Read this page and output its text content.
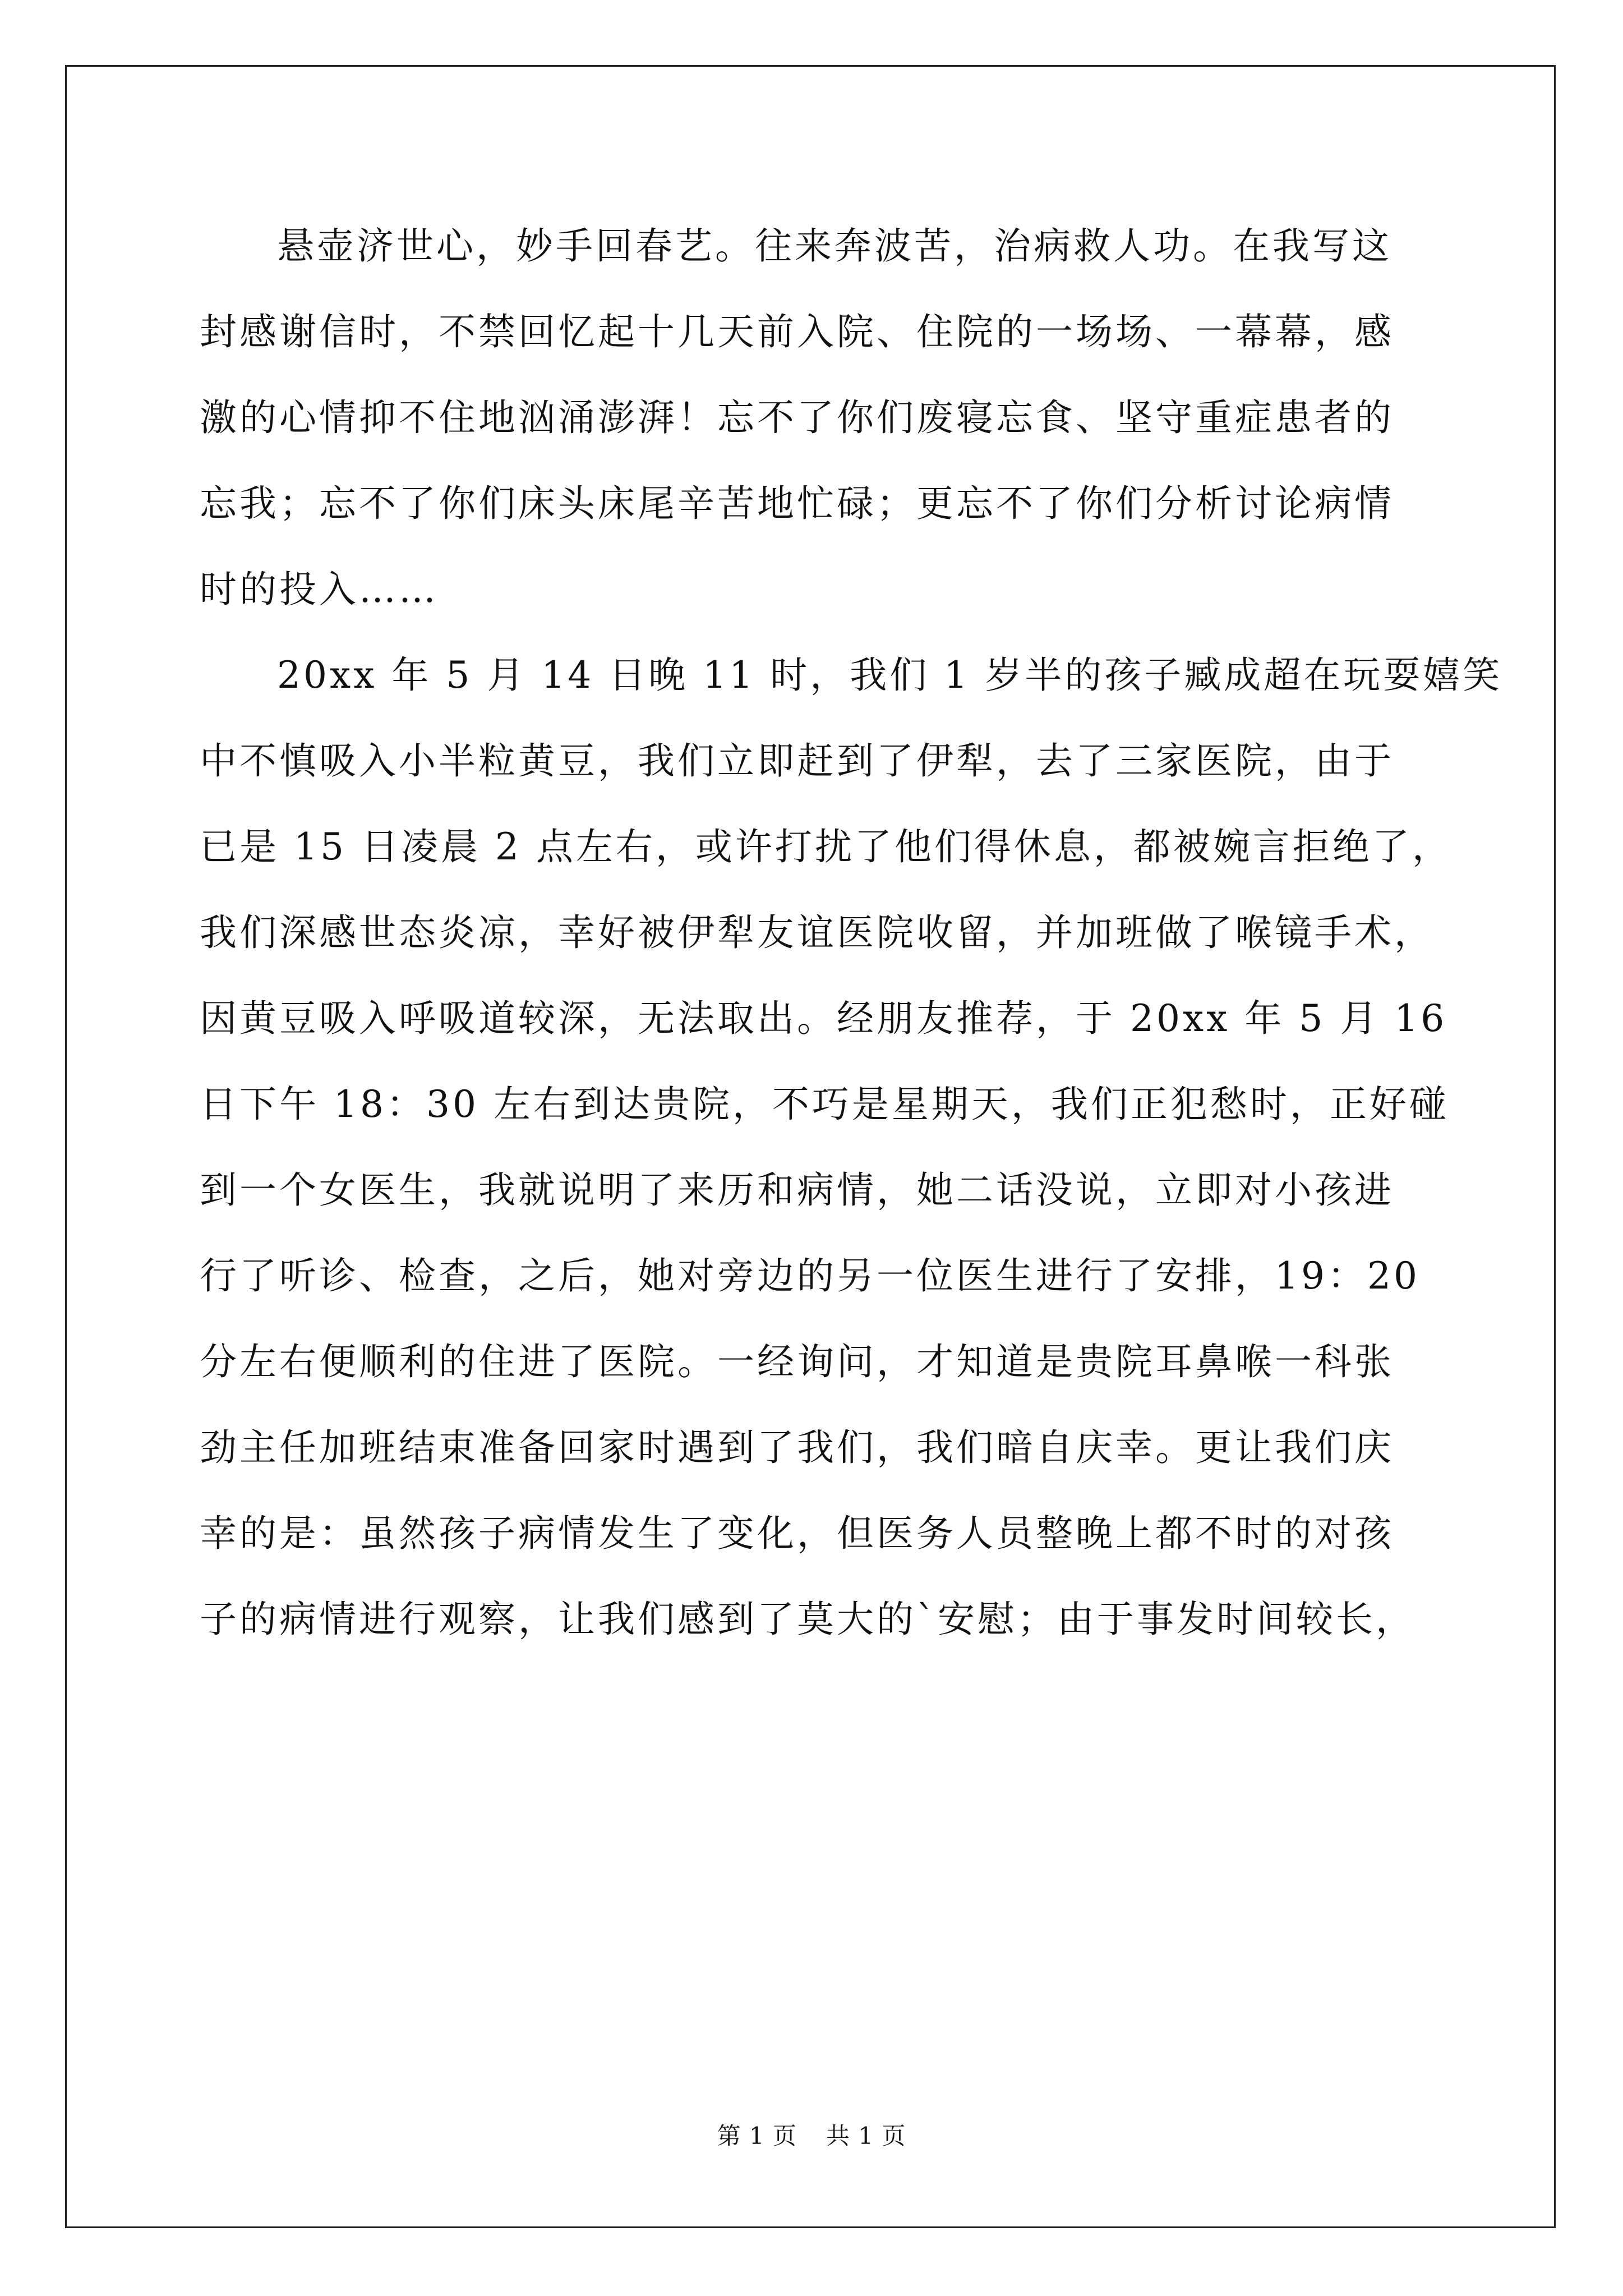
悬壶济世心，妙手回春艺。往来奔波苦，治病救人功。在我写这
封感谢信时，不禁回忆起十几天前入院、住院的一场场、一幕幕，感
激的心情抑不住地汹涌澎湃！忘不了你们废寝忘食、坚守重症患者的
忘我；忘不了你们床头床尾辛苦地忙碌；更忘不了你们分析讨论病情
时的投入……
20xx 年 5 月 14 日晚 11 时，我们 1 岁半的孩子臧成超在玩耍嬉笑
中不慎吸入小半粒黄豆，我们立即赶到了伊犁，去了三家医院，由于
已是 15 日凌晨 2 点左右，或许打扰了他们得休息，都被婉言拒绝了，
我们深感世态炎凉，幸好被伊犁友谊医院收留，并加班做了喉镜手术，
因黄豆吸入呼吸道较深，无法取出。经朋友推荐，于 20xx 年 5 月 16
日下午 18：30 左右到达贵院，不巧是星期天，我们正犯愁时，正好碰
到一个女医生，我就说明了来历和病情，她二话没说，立即对小孩进
行了听诊、检查，之后，她对旁边的另一位医生进行了安排，19：20
分左右便顺利的住进了医院。一经询问，才知道是贵院耳鼻喉一科张
劲主任加班结束准备回家时遇到了我们，我们暗自庆幸。更让我们庆
幸的是：虽然孩子病情发生了变化，但医务人员整晚上都不时的对孩
子的病情进行观察，让我们感到了莫大的`安慰；由于事发时间较长，
第 1 页 共 1 页
